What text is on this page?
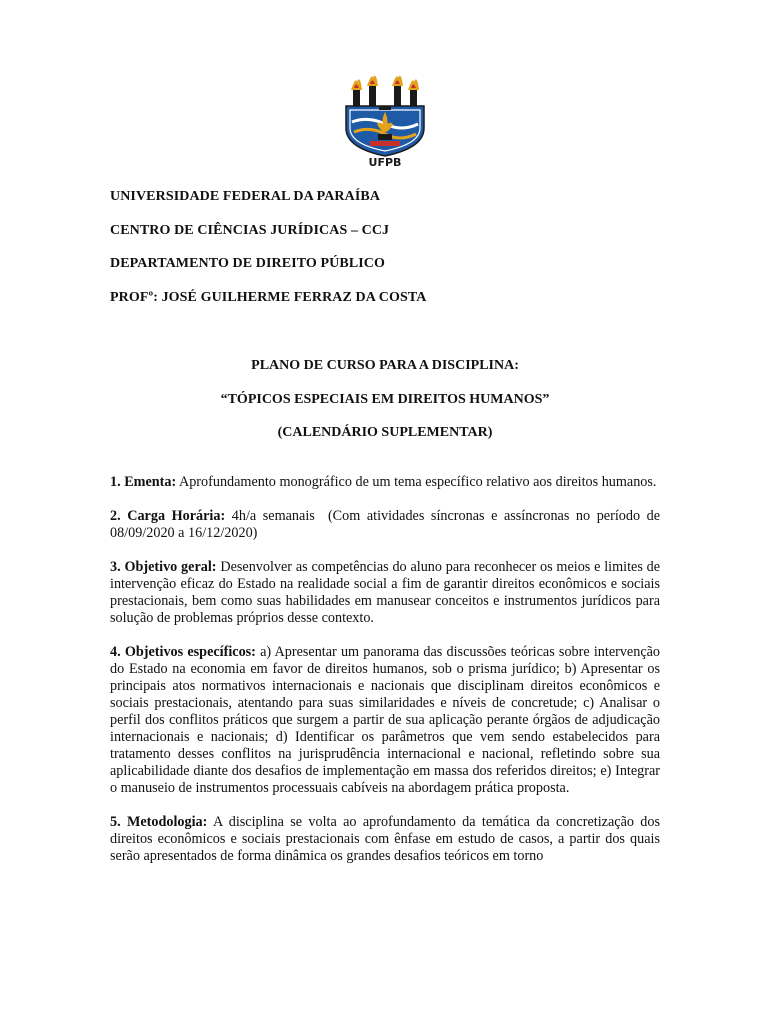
UFPB

UNIVERSIDADE FEDERAL DA PARAÍBA

CENTRO DE CIÊNCIAS JURÍDICAS – CCJ

DEPARTAMENTO DE DIREITO PÚBLICO

PROFº: JOSÉ GUILHERME FERRAZ DA COSTA

PLANO DE CURSO PARA A DISCIPLINA:

“TÓPICOS ESPECIAIS EM DIREITOS HUMANOS”

(CALENDÁRIO SUPLEMENTAR)

1. Ementa: Aprofundamento monográfico de um tema específico relativo aos direitos humanos.

2. Carga Horária: 4h/a semanais  (Com atividades síncronas e assíncronas no período de 08/09/2020 a 16/12/2020)

3. Objetivo geral: Desenvolver as competências do aluno para reconhecer os meios e limites de intervenção eficaz do Estado na realidade social a fim de garantir direitos econômicos e sociais prestacionais, bem como suas habilidades em manusear conceitos e instrumentos jurídicos para solução de problemas próprios desse contexto.

4. Objetivos específicos: a) Apresentar um panorama das discussões teóricas sobre intervenção do Estado na economia em favor de direitos humanos, sob o prisma jurídico; b) Apresentar os principais atos normativos internacionais e nacionais que disciplinam direitos econômicos e sociais prestacionais, atentando para suas similaridades e níveis de concretude; c) Analisar o perfil dos conflitos práticos que surgem a partir de sua aplicação perante órgãos de adjudicação internacionais e nacionais; d) Identificar os parâmetros que vem sendo estabelecidos para tratamento desses conflitos na jurisprudência internacional e nacional, refletindo sobre sua aplicabilidade diante dos desafios de implementação em massa dos referidos direitos; e) Integrar o manuseio de instrumentos processuais cabíveis na abordagem prática proposta.

5. Metodologia: A disciplina se volta ao aprofundamento da temática da concretização dos direitos econômicos e sociais prestacionais com ênfase em estudo de casos, a partir dos quais serão apresentados de forma dinâmica os grandes desafios teóricos em torno
